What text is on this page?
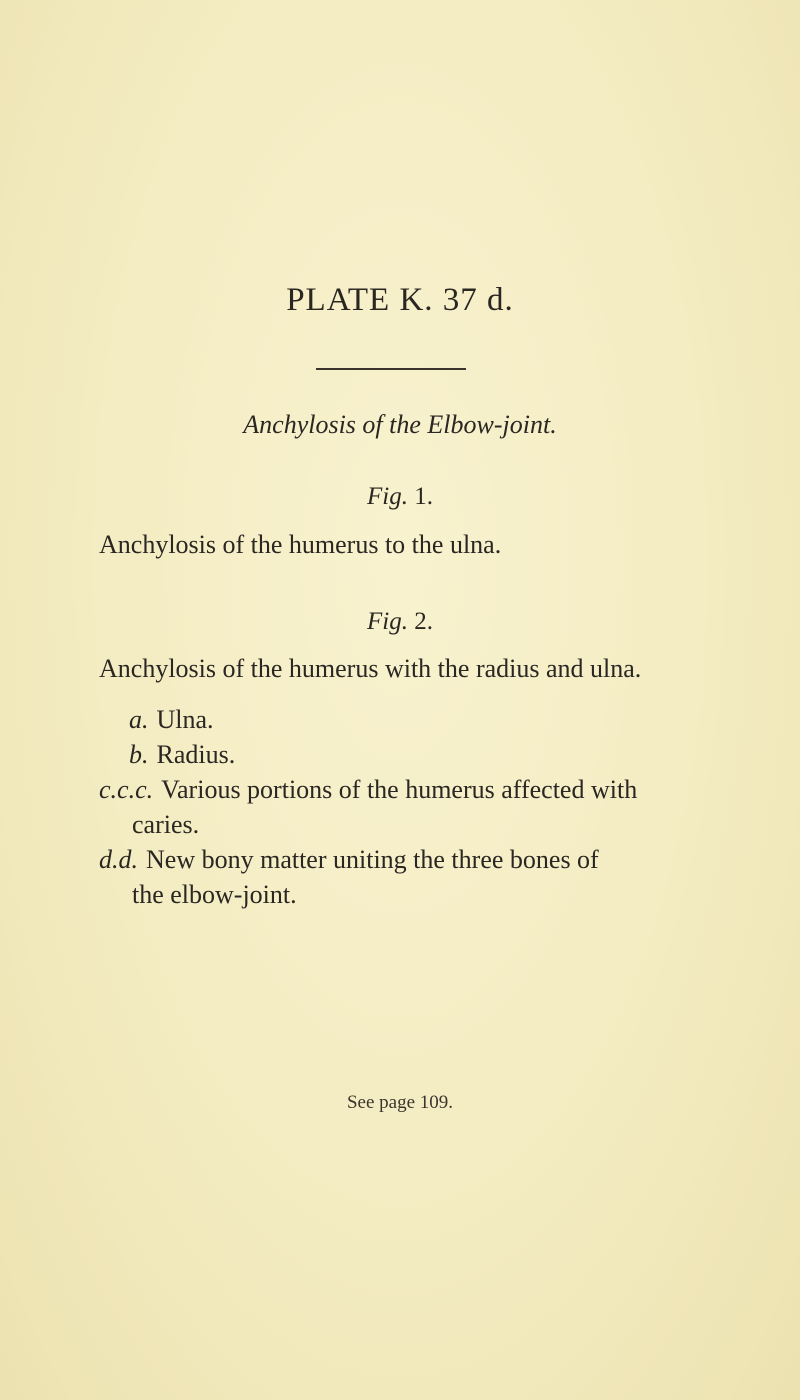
PLATE K. 37 d.
Anchylosis of the Elbow-joint.
Fig. 1.
Anchylosis of the humerus to the ulna.
Fig. 2.
Anchylosis of the humerus with the radius and ulna.

a. Ulna.

b. Radius.

c.c.c. Various portions of the humerus affected with
caries.

d.d. New bony matter uniting the three bones of
the elbow-joint.

See page 109.
